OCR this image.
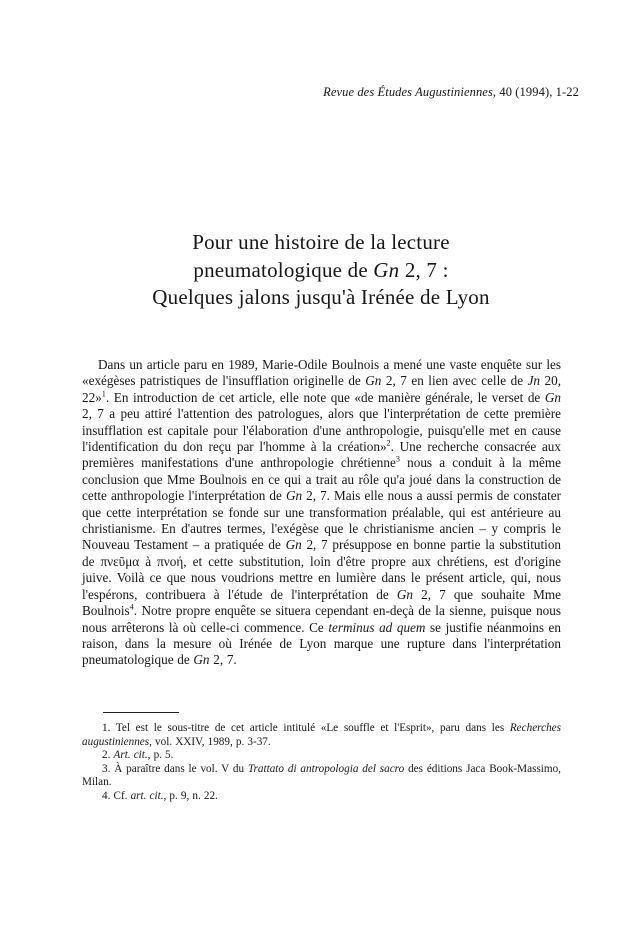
Revue des Études Augustiniennes, 40 (1994), 1-22
Pour une histoire de la lecture
pneumatologique de Gn 2, 7 :
Quelques jalons jusqu'à Irénée de Lyon

Dans un article paru en 1989, Marie-Odile Boulnois a mené une vaste enquête sur les «exégèses patristiques de l'insufflation originelle de Gn 2, 7 en lien avec celle de Jn 20, 22»$^1$. En introduction de cet article, elle note que «de manière générale, le verset de Gn 2, 7 a peu attiré l'attention des patrologues, alors que l'interprétation de cette première insufflation est capitale pour l'élaboration d'une anthropologie, puisqu'elle met en cause l'identification du don reçu par l'homme à la création»$^2$. Une recherche consacrée aux premières manifestations d'une anthropologie chrétienne$^3$ nous a conduit à la même conclusion que Mme Boulnois en ce qui a trait au rôle qu'a joué dans la construction de cette anthropologie l'interprétation de Gn 2, 7. Mais elle nous a aussi permis de constater que cette interprétation se fonde sur une transformation préalable, qui est antérieure au christianisme. En d'autres termes, l'exégèse que le christianisme ancien – y compris le Nouveau Testament – a pratiquée de Gn 2, 7 présuppose en bonne partie la substitution de πνεῦμα à πνοή, et cette substitution, loin d'être propre aux chrétiens, est d'origine juive. Voilà ce que nous voudrions mettre en lumière dans le présent article, qui, nous l'espérons, contribuera à l'étude de l'interprétation de Gn 2, 7 que souhaite Mme Boulnois$^4$. Notre propre enquête se situera cependant en-deçà de la sienne, puisque nous nous arrêterons là où celle-ci commence. Ce terminus ad quem se justifie néanmoins en raison, dans la mesure où Irénée de Lyon marque une rupture dans l'interprétation pneumatologique de Gn 2, 7.

1. Tel est le sous-titre de cet article intitulé «Le souffle et l'Esprit», paru dans les Recherches augustiniennes, vol. XXIV, 1989, p. 3-37.

2. Art. cit., p. 5.

3. À paraître dans le vol. V du Trattato di antropologia del sacro des éditions Jaca Book-Massimo, Milan.

4. Cf. art. cit., p. 9, n. 22.
